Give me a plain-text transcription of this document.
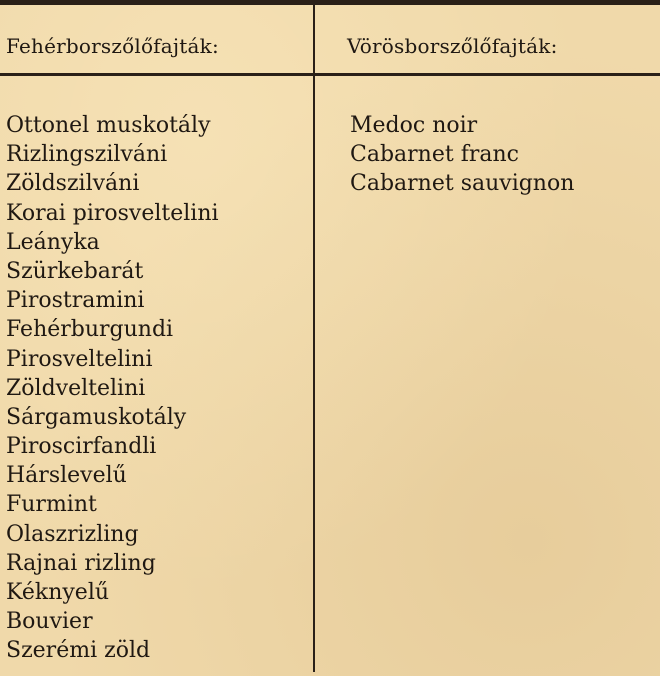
Fehérborszőlőfajták:	Vörösborszőlőfajták:
Ottonel muskotály
Rizlingszilváni
Zöldszilváni
Korai pirosveltelini
Leányka
Szürkebarát
Pirostramini
Fehérburgundi
Pirosveltelini
Zöldveltelini
Sárgamuskotály
Piroscirfandli
Hárslevelű
Furmint
Olaszrizling
Rajnai rizling
Kéknyelű
Bouvier
Szerémi zöld
Medoc noir
Cabarnet franc
Cabarnet sauvignon
